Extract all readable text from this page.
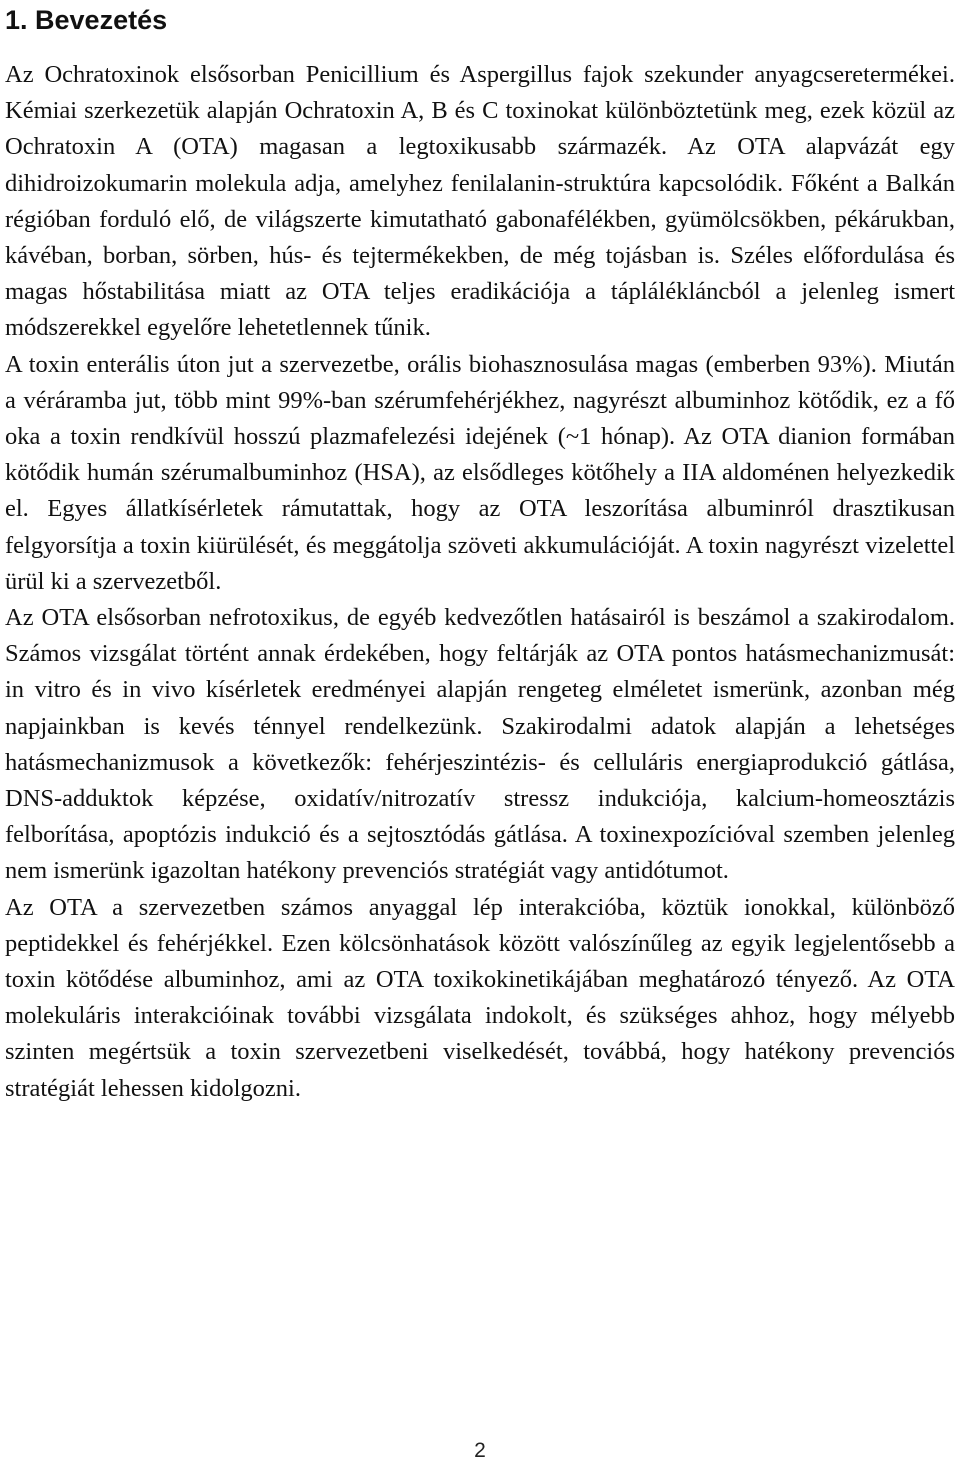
1. Bevezetés

Az Ochratoxinok elsősorban Penicillium és Aspergillus fajok szekunder anyagcseretermékei. Kémiai szerkezetük alapján Ochratoxin A, B és C toxinokat különböztetünk meg, ezek közül az Ochratoxin A (OTA) magasan a legtoxikusabb származék. Az OTA alapvázát egy dihidroizokumarin molekula adja, amelyhez fenilalanin-struktúra kapcsolódik. Főként a Balkán régióban forduló elő, de világszerte kimutatható gabonafélékben, gyümölcsökben, pékárukban, kávéban, borban, sörben, hús- és tejtermékekben, de még tojásban is. Széles előfordulása és magas hőstabilitása miatt az OTA teljes eradikációja a táplálékláncból a jelenleg ismert módszerekkel egyelőre lehetetlennek tűnik.

A toxin enterális úton jut a szervezetbe, orális biohasznosulása magas (emberben 93%). Miután a véráramba jut, több mint 99%-ban szérumfehérjékhez, nagyrészt albuminhoz kötődik, ez a fő oka a toxin rendkívül hosszú plazmafelezési idejének (~1 hónap). Az OTA dianion formában kötődik humán szérumalbuminhoz (HSA), az elsődleges kötőhely a IIA aldoménen helyezkedik el. Egyes állatkísérletek rámutattak, hogy az OTA leszorítása albuminról drasztikusan felgyorsítja a toxin kiürülését, és meggátolja szöveti akkumulációját. A toxin nagyrészt vizelettel ürül ki a szervezetből.

Az OTA elsősorban nefrotoxikus, de egyéb kedvezőtlen hatásairól is beszámol a szakirodalom. Számos vizsgálat történt annak érdekében, hogy feltárják az OTA pontos hatásmechanizmusát: in vitro és in vivo kísérletek eredményei alapján rengeteg elméletet ismerünk, azonban még napjainkban is kevés ténnyel rendelkezünk. Szakirodalmi adatok alapján a lehetséges hatásmechanizmusok a következők: fehérjeszintézis- és celluláris energiaprodukció gátlása, DNS-adduktok képzése, oxidatív/nitrozatív stressz indukciója, kalcium-homeosztázis felborítása, apoptózis indukció és a sejtosztódás gátlása. A toxinexpozícióval szemben jelenleg nem ismerünk igazoltan hatékony prevenciós stratégiát vagy antidótumot.

Az OTA a szervezetben számos anyaggal lép interakcióba, köztük ionokkal, különböző peptidekkel és fehérjékkel. Ezen kölcsönhatások között valószínűleg az egyik legjelentősebb a toxin kötődése albuminhoz, ami az OTA toxikokinetikájában meghatározó tényező. Az OTA molekuláris interakcióinak további vizsgálata indokolt, és szükséges ahhoz, hogy mélyebb szinten megértsük a toxin szervezetbeni viselkedését, továbbá, hogy hatékony prevenciós stratégiát lehessen kidolgozni.

2
